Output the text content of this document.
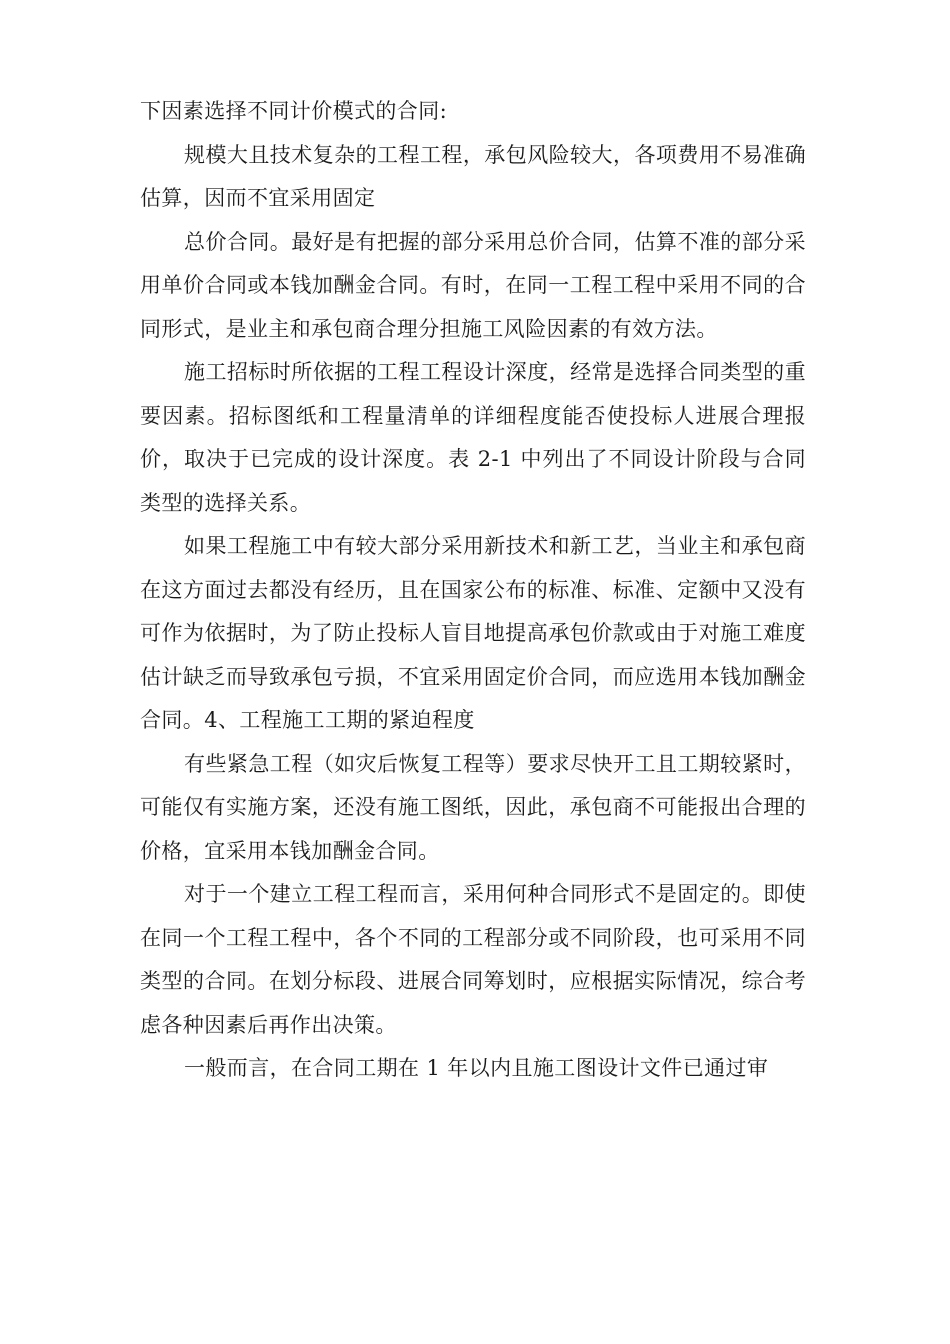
下因素选择不同计价模式的合同:

规模大且技术复杂的工程工程，承包风险较大，各项费用不易准确估算，因而不宜采用固定

总价合同。最好是有把握的部分采用总价合同，估算不准的部分采用单价合同或本钱加酬金合同。有时，在同一工程工程中采用不同的合同形式，是业主和承包商合理分担施工风险因素的有效方法。

施工招标时所依据的工程工程设计深度，经常是选择合同类型的重要因素。招标图纸和工程量清单的详细程度能否使投标人进展合理报价，取决于已完成的设计深度。表 2-1 中列出了不同设计阶段与合同类型的选择关系。

如果工程施工中有较大部分采用新技术和新工艺，当业主和承包商在这方面过去都没有经历，且在国家公布的标准、标准、定额中又没有可作为依据时，为了防止投标人盲目地提高承包价款或由于对施工难度估计缺乏而导致承包亏损，不宜采用固定价合同，而应选用本钱加酬金合同。4、工程施工工期的紧迫程度

有些紧急工程（如灾后恢复工程等）要求尽快开工且工期较紧时，可能仅有实施方案，还没有施工图纸，因此，承包商不可能报出合理的价格，宜采用本钱加酬金合同。

对于一个建立工程工程而言，采用何种合同形式不是固定的。即使在同一个工程工程中，各个不同的工程部分或不同阶段，也可采用不同类型的合同。在划分标段、进展合同筹划时，应根据实际情况，综合考虑各种因素后再作出决策。

一般而言，在合同工期在 1 年以内且施工图设计文件已通过审
